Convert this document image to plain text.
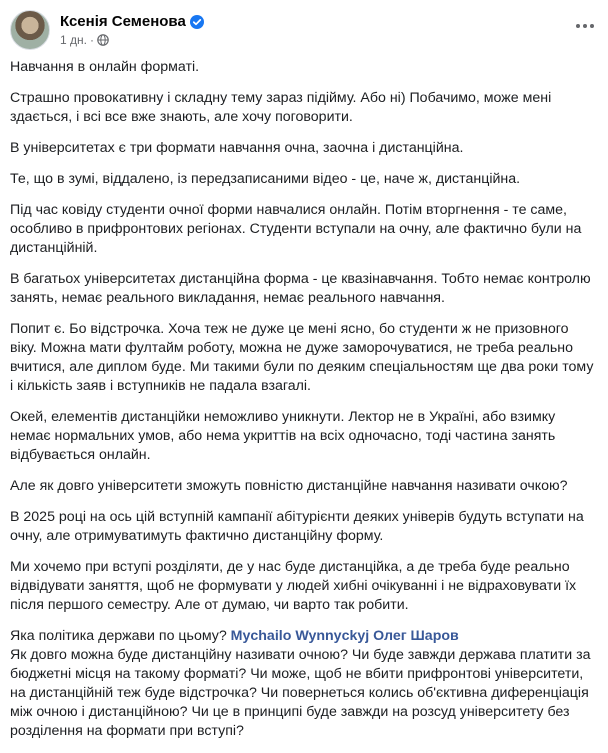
Ксенія Семенова
1 дн. ·

Навчання в онлайн форматі.

Страшно провокативну і складну тему зараз підійму. Або ні) Побачимо, може мені здається, і всі все вже знають, але хочу поговорити.

В університетах є три формати навчання очна, заочна і дистанційна.

Те, що в зумі, віддалено, із передзаписаними відео - це, наче ж, дистанційна.

Під час ковіду студенти очної форми навчалися онлайн. Потім вторгнення - те саме, особливо в прифронтових регіонах. Студенти вступали на очну, але фактично були на дистанційній.

В багатьох університетах дистанційна форма - це квазінавчання. Тобто немає контролю занять, немає реального викладання, немає реального навчання.

Попит є. Бо відстрочка. Хоча теж не дуже це мені ясно, бо студенти ж не призовного віку. Можна мати фултайм роботу, можна не дуже заморочуватися, не треба реально вчитися, але диплом буде. Ми такими були по деяким спеціальностям ще два роки тому і кількість заяв і вступників не падала взагалі.

Окей, елементів дистанційки неможливо уникнути. Лектор не в Україні, або взимку немає нормальних умов, або нема укриттів на всіх одночасно, тоді частина занять відбувається онлайн.

Але як довго університети зможуть повністю дистанційне навчання називати очкою?

В 2025 році на ось цій вступній кампанії абітурієнти деяких універів будуть вступати на очну, але отримуватимуть фактично дистанційну форму.

Ми хочемо при вступі розділяти, де у нас буде дистанційка, а де треба буде реально відвідувати заняття, щоб не формувати у людей хибні очікуванні і не відраховувати їх після першого семестру. Але от думаю, чи варто так робити.

Яка політика держави по цьому? Mychailo Wynnyckyj Олег Шаров
Як довго можна буде дистанційну називати очною? Чи буде завжди держава платити за бюджетні місця на такому форматі? Чи може, щоб не вбити прифронтові університети, на дистанційній теж буде відстрочка? Чи повернеться колись об'єктивна диференціація між очною і дистанційною? Чи це в принципі буде завжди на розсуд університету без розділення на формати при вступі?
